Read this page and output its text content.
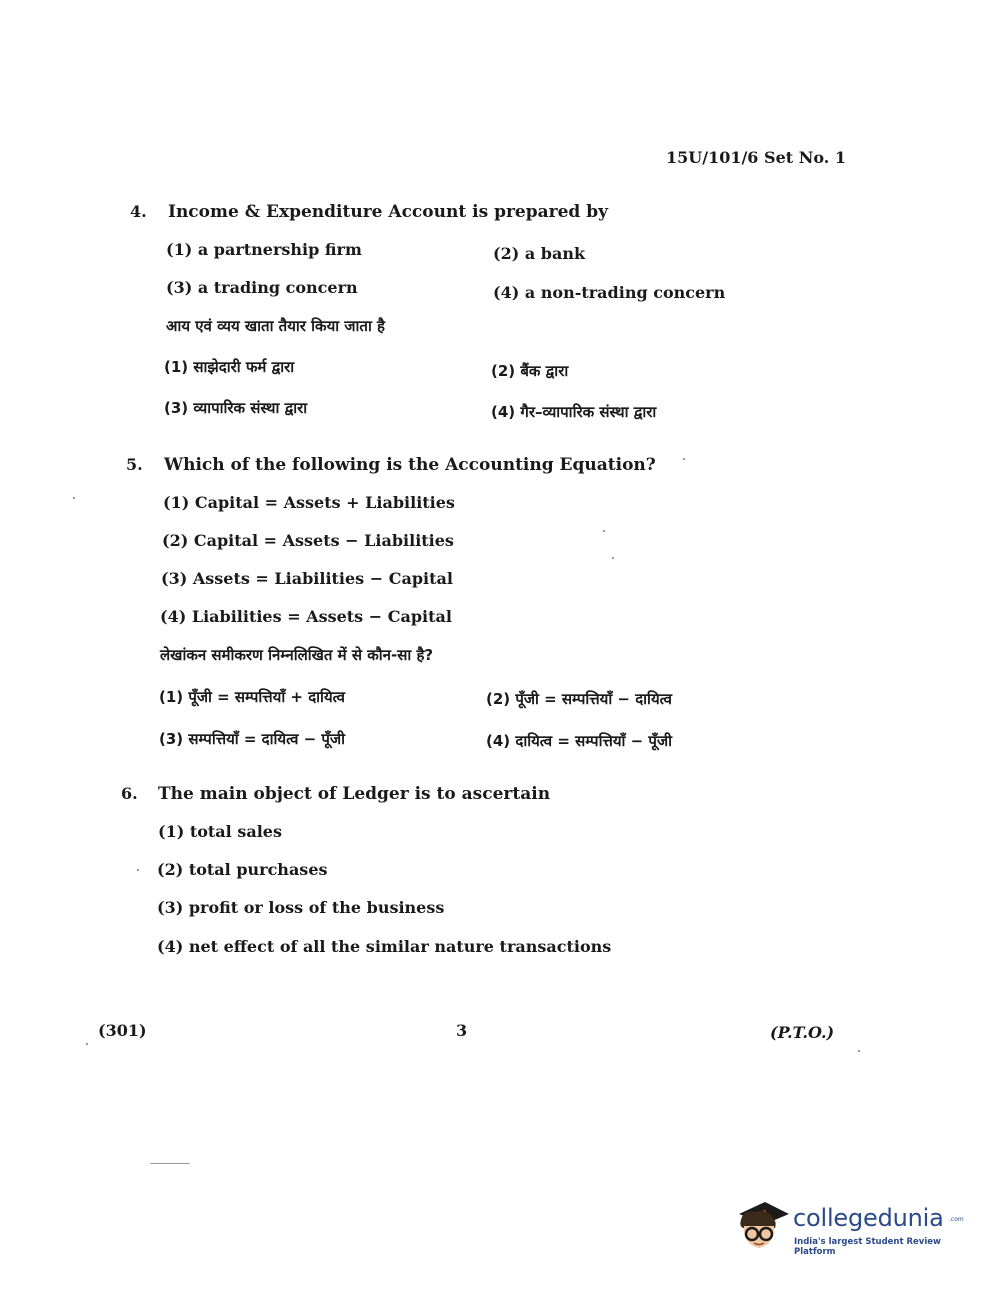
15U/101/6 Set No. 1
4. Income & Expenditure Account is prepared by
(1) a partnership firm	(2) a bank
(3) a trading concern	(4) a non-trading concern
आय एवं व्यय खाता तैयार किया जाता है
(1) साझेदारी फर्म द्वारा	(2) बैंक द्वारा
(3) व्यापारिक संस्था द्वारा	(4) गैर–व्यापारिक संस्था द्वारा
5. Which of the following is the Accounting Equation?
(1) Capital = Assets + Liabilities
(2) Capital = Assets − Liabilities
(3) Assets = Liabilities − Capital
(4) Liabilities = Assets − Capital
लेखांकन समीकरण निम्नलिखित में से कौन-सा है?
(1) पूँजी = सम्पत्तियाँ + दायित्व	(2) पूँजी = सम्पत्तियाँ − दायित्व
(3) सम्पत्तियाँ = दायित्व − पूँजी	(4) दायित्व = सम्पत्तियाँ − पूँजी
6. The main object of Ledger is to ascertain
(1) total sales
(2) total purchases
(3) profit or loss of the business
(4) net effect of all the similar nature transactions
(301)	3	(P.T.O.)
collegedunia .com
India's largest Student Review Platform
